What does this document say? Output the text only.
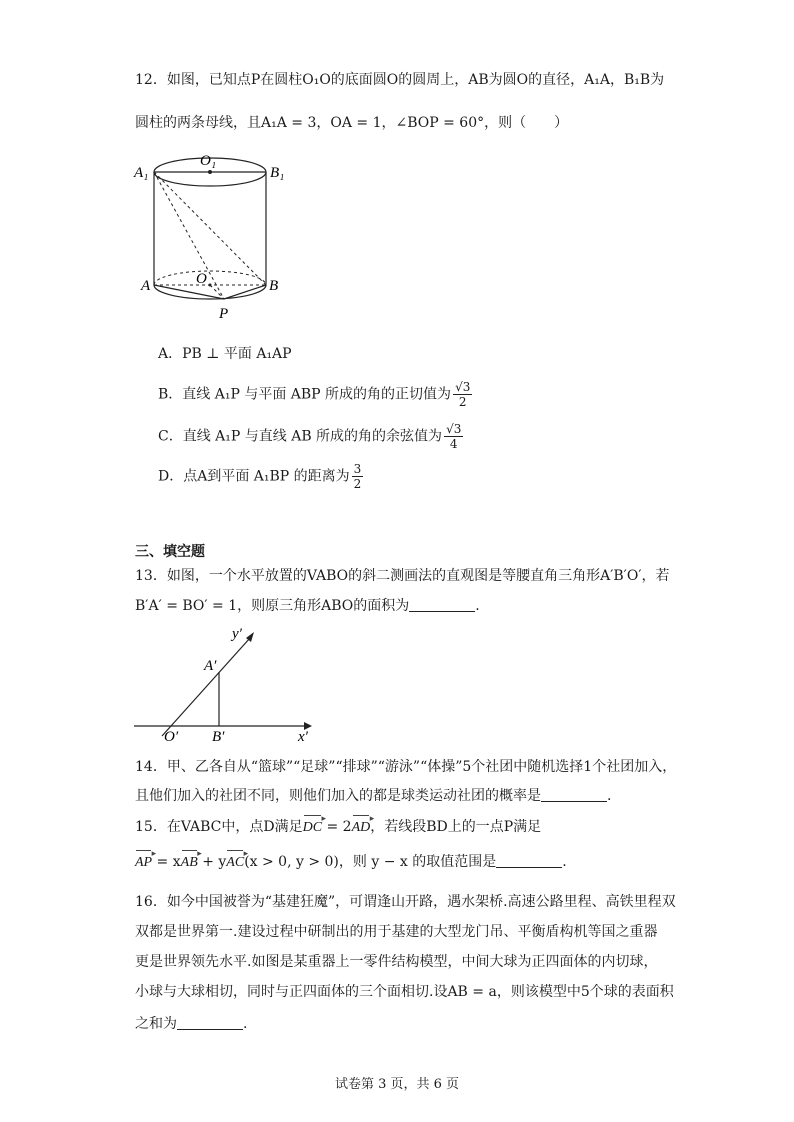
12．如图，已知点P在圆柱O₁O的底面圆O的圆周上，AB为圆O的直径，A₁A，B₁B为
圆柱的两条母线，且A₁A = 3，OA = 1，∠BOP = 60°，则（　　）
A₁
O₁
B₁
A	O	B
P
A．PB ⊥ 平面 A₁AP
B．直线 A₁P 与平面 ABP 所成的角的正切值为 $\frac{√3}{2}$
C．直线 A₁P 与直线 AB 所成的角的余弦值为 $\frac{√3}{4}$
D．点A到平面 A₁BP 的距离为 $\frac{3}{2}$
三、填空题
13．如图，一个水平放置的VABO的斜二测画法的直观图是等腰直角三角形A′B′O′，若
B′A′ = BO′ = 1，则原三角形ABO的面积为	.
y′
A′
O′ B′	x′
14．甲、乙各自从“篮球”“足球”“排球”“游泳”“体操”5个社团中随机选择1个社团加入，
且他们加入的社团不同，则他们加入的都是球类运动社团的概率是	.
15．在VABC中，点D满足DC ▸ = 2AD ▸，若线段BD上的一点P满足
AP ▸ = xAB ▸ + yAC ▸(x > 0, y > 0)，则 y − x 的取值范围是	.
16．如今中国被誉为“基建狂魔”，可谓逢山开路，遇水架桥.高速公路里程、高铁里程双
双都是世界第一.建设过程中研制出的用于基建的大型龙门吊、平衡盾构机等国之重器
更是世界领先水平.如图是某重器上一零件结构模型，中间大球为正四面体的内切球，
小球与大球相切，同时与正四面体的三个面相切.设AB = a，则该模型中5个球的表面积
之和为	.
试卷第 3 页，共 6 页
